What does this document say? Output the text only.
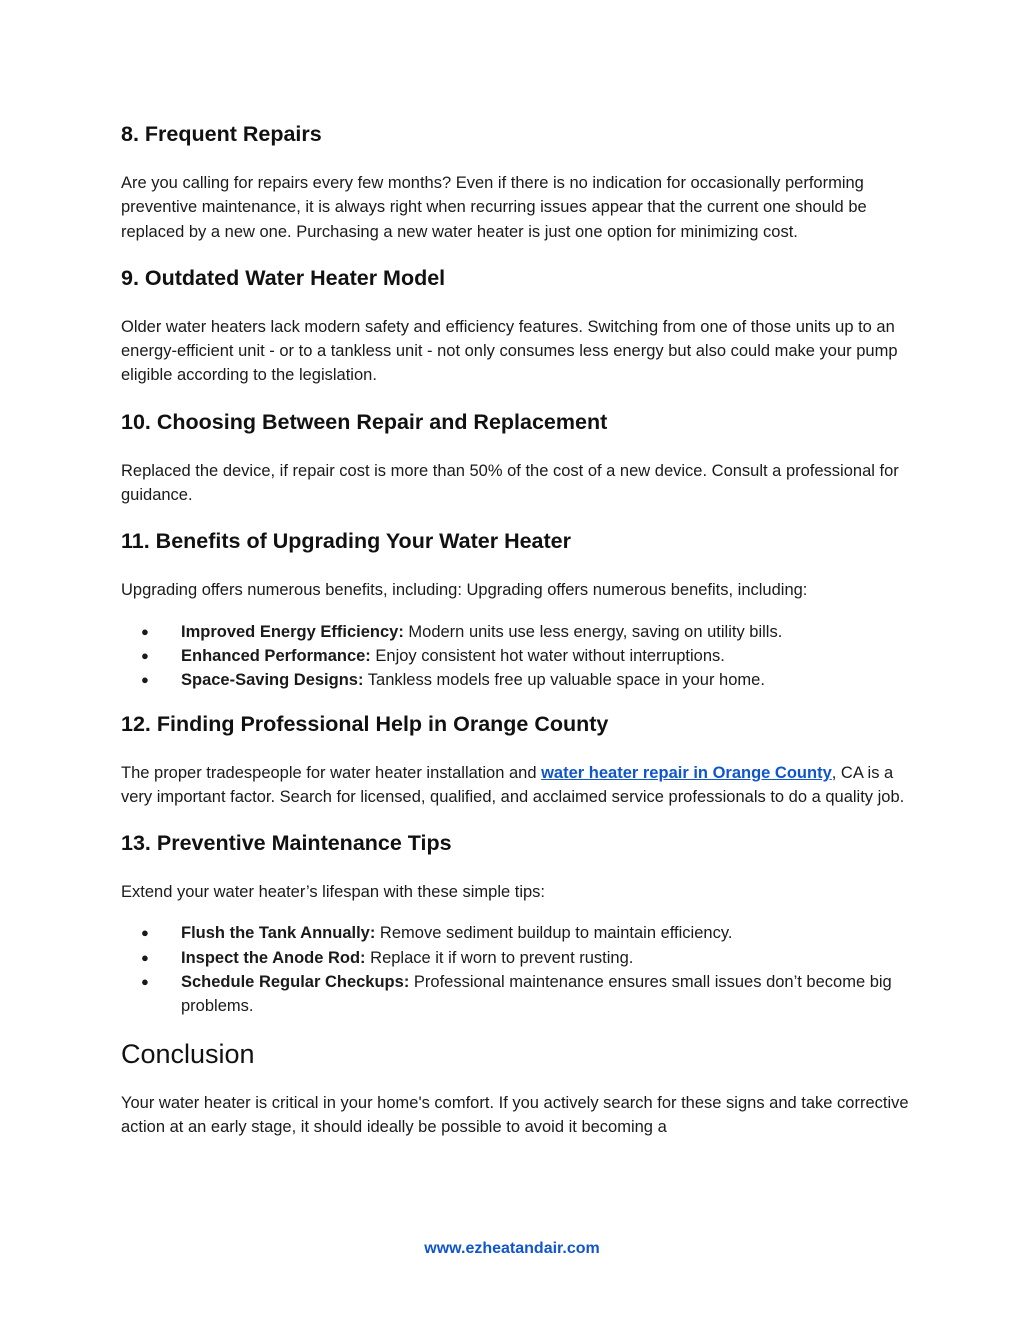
8. Frequent Repairs

Are you calling for repairs every few months? Even if there is no indication for occasionally performing preventive maintenance, it is always right when recurring issues appear that the current one should be replaced by a new one. Purchasing a new water heater is just one option for minimizing cost.

9. Outdated Water Heater Model

Older water heaters lack modern safety and efficiency features. Switching from one of those units up to an energy-efficient unit - or to a tankless unit - not only consumes less energy but also could make your pump eligible according to the legislation.

10. Choosing Between Repair and Replacement

Replaced the device, if repair cost is more than 50% of the cost of a new device. Consult a professional for guidance.

11. Benefits of Upgrading Your Water Heater

Upgrading offers numerous benefits, including: Upgrading offers numerous benefits, including:

● Improved Energy Efficiency: Modern units use less energy, saving on utility bills.
● Enhanced Performance: Enjoy consistent hot water without interruptions.
● Space-Saving Designs: Tankless models free up valuable space in your home.
12. Finding Professional Help in Orange County

The proper tradespeople for water heater installation and water heater repair in Orange County, CA is a very important factor. Search for licensed, qualified, and acclaimed service professionals to do a quality job.

13. Preventive Maintenance Tips

Extend your water heater’s lifespan with these simple tips:

● Flush the Tank Annually: Remove sediment buildup to maintain efficiency.
● Inspect the Anode Rod: Replace it if worn to prevent rusting.
● Schedule Regular Checkups: Professional maintenance ensures small issues don’t become big problems.
Conclusion

Your water heater is critical in your home's comfort. If you actively search for these signs and take corrective action at an early stage, it should ideally be possible to avoid it becoming a

www.ezheatandair.com
